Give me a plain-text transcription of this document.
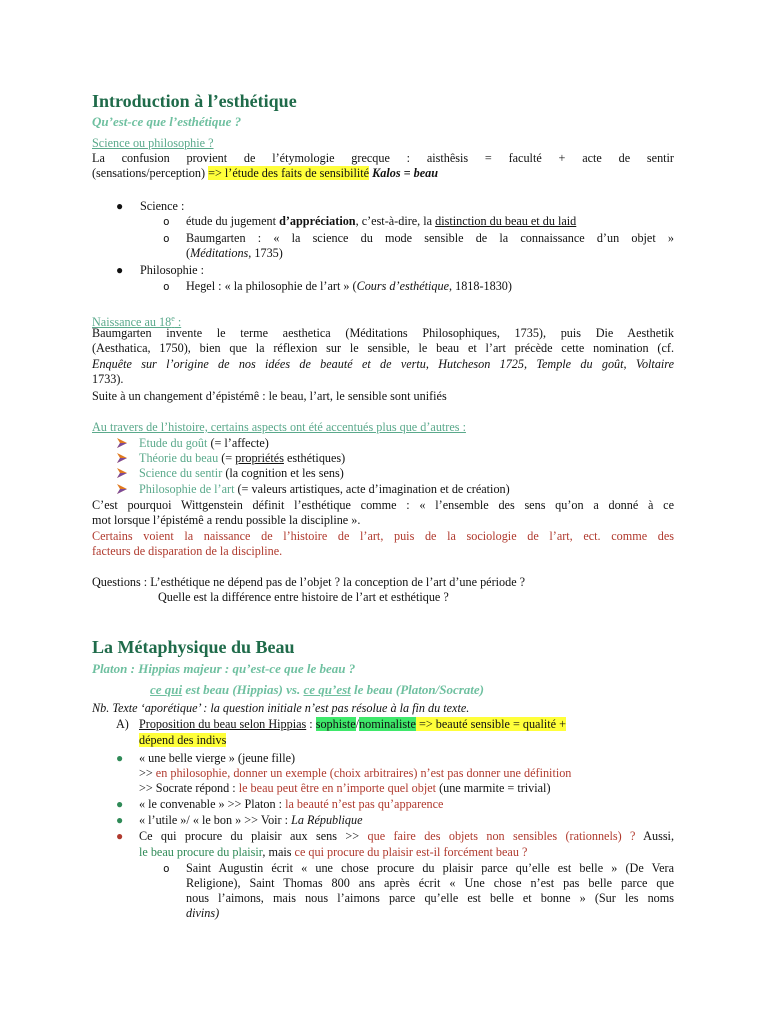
Introduction à l’esthétique
Qu’est-ce que l’esthétique ?
Science ou philosophie ?
La confusion provient de l’étymologie grecque : aisthêsis = faculté + acte de sentir
(sensations/perception) => l’étude des faits de sensibilité Kalos = beau
● Science :
o étude du jugement d’appréciation, c’est-à-dire, la distinction du beau et du laid
o Baumgarten : « la science du mode sensible de la connaissance d’un objet »
(Méditations, 1735)
● Philosophie :
o Hegel : « la philosophie de l’art » (Cours d’esthétique, 1818-1830)
Naissance au 18e :
Baumgarten invente le terme aesthetica (Méditations Philosophiques, 1735), puis Die Aesthetik
(Aesthatica, 1750), bien que la réflexion sur le sensible, le beau et l’art précède cette nomination (cf.
Enquête sur l’origine de nos idées de beauté et de vertu, Hutcheson 1725, Temple du goût, Voltaire
1733).
Suite à un changement d’épistémê : le beau, l’art, le sensible sont unifiés
Au travers de l’histoire, certains aspects ont été accentués plus que d’autres :
Etude du goût (= l’affecte)
Théorie du beau (= propriétés esthétiques)
Science du sentir (la cognition et les sens)
Philosophie de l’art (= valeurs artistiques, acte d’imagination et de création)
C’est pourquoi Wittgenstein définit l’esthétique comme : « l’ensemble des sens qu’on a donné à ce
mot lorsque l’épistémê a rendu possible la discipline ».
Certains voient la naissance de l’histoire de l’art, puis de la sociologie de l’art, ect. comme des
facteurs de disparation de la discipline.
Questions : L’esthétique ne dépend pas de l’objet ? la conception de l’art d’une période ?
Quelle est la différence entre histoire de l’art et esthétique ?
La Métaphysique du Beau
Platon : Hippias majeur : qu’est-ce que le beau ?
ce qui est beau (Hippias) vs. ce qu’est le beau (Platon/Socrate)
Nb. Texte ‘aporétique’ : la question initiale n’est pas résolue à la fin du texte.
A) Proposition du beau selon Hippias : sophiste/nominaliste => beauté sensible = qualité +
dépend des indivs
● « une belle vierge » (jeune fille)
>> en philosophie, donner un exemple (choix arbitraires) n’est pas donner une définition
>> Socrate répond : le beau peut être en n’importe quel objet (une marmite = trivial)
● « le convenable » >> Platon : la beauté n’est pas qu’apparence
● « l’utile »/ « le bon » >> Voir : La République
● Ce qui procure du plaisir aux sens >> que faire des objets non sensibles (rationnels) ? Aussi,
le beau procure du plaisir, mais ce qui procure du plaisir est-il forcément beau ?
o Saint Augustin écrit « une chose procure du plaisir parce qu’elle est belle » (De Vera
Religione), Saint Thomas 800 ans après écrit « Une chose n’est pas belle parce que
nous l’aimons, mais nous l’aimons parce qu’elle est belle et bonne » (Sur les noms
divins)
